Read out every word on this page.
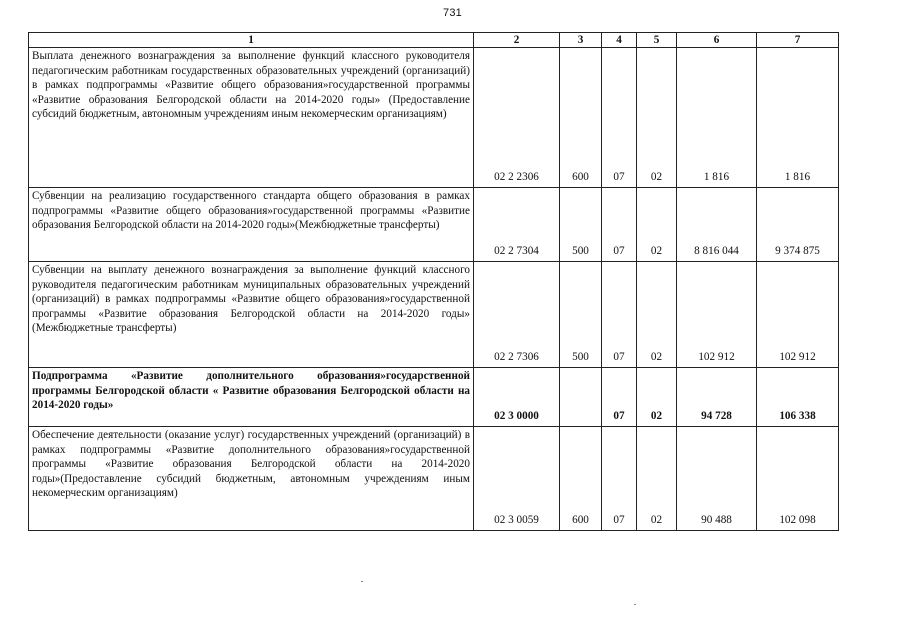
731
1	2	3	4	5	6	7
Выплата денежного вознаграждения за выполнение функций классного руководителя педагогическим работникам государственных образовательных учреждений (организаций) в рамках подпрограммы «Развитие общего образования»государственной программы «Развитие образования Белгородской области на 2014-2020 годы» (Предоставление субсидий бюджетным, автономным учреждениям иным некомерческим организациям)	02 2 2306	600	07	02	1 816	1 816
Субвенции на реализацию государственного стандарта общего образования в рамках подпрограммы «Развитие общего образования»государственной программы «Развитие образования Белгородской области на 2014-2020 годы»(Межбюджетные трансферты)	02 2 7304	500	07	02	8 816 044	9 374 875
Субвенции на выплату денежного вознаграждения за выполнение функций классного руководителя педагогическим работникам муниципальных образовательных учреждений (организаций) в рамках подпрограммы «Развитие общего образования»государственной программы «Развитие образования Белгородской области на 2014-2020 годы» (Межбюджетные трансферты)	02 2 7306	500	07	02	102 912	102 912
Подпрограмма «Развитие дополнительного образования»государственной программы Белгородской области « Развитие образования Белгородской области на 2014-2020 годы»	02 3 0000		07	02	94 728	106 338
Обеспечение деятельности (оказание услуг) государственных учреждений (организаций) в рамках подпрограммы «Развитие дополнительного образования»государственной программы «Развитие образования Белгородской области на 2014-2020 годы»(Предоставление субсидий бюджетным, автономным учреждениям иным некомерческим организациям)	02 3 0059	600	07	02	90 488	102 098
